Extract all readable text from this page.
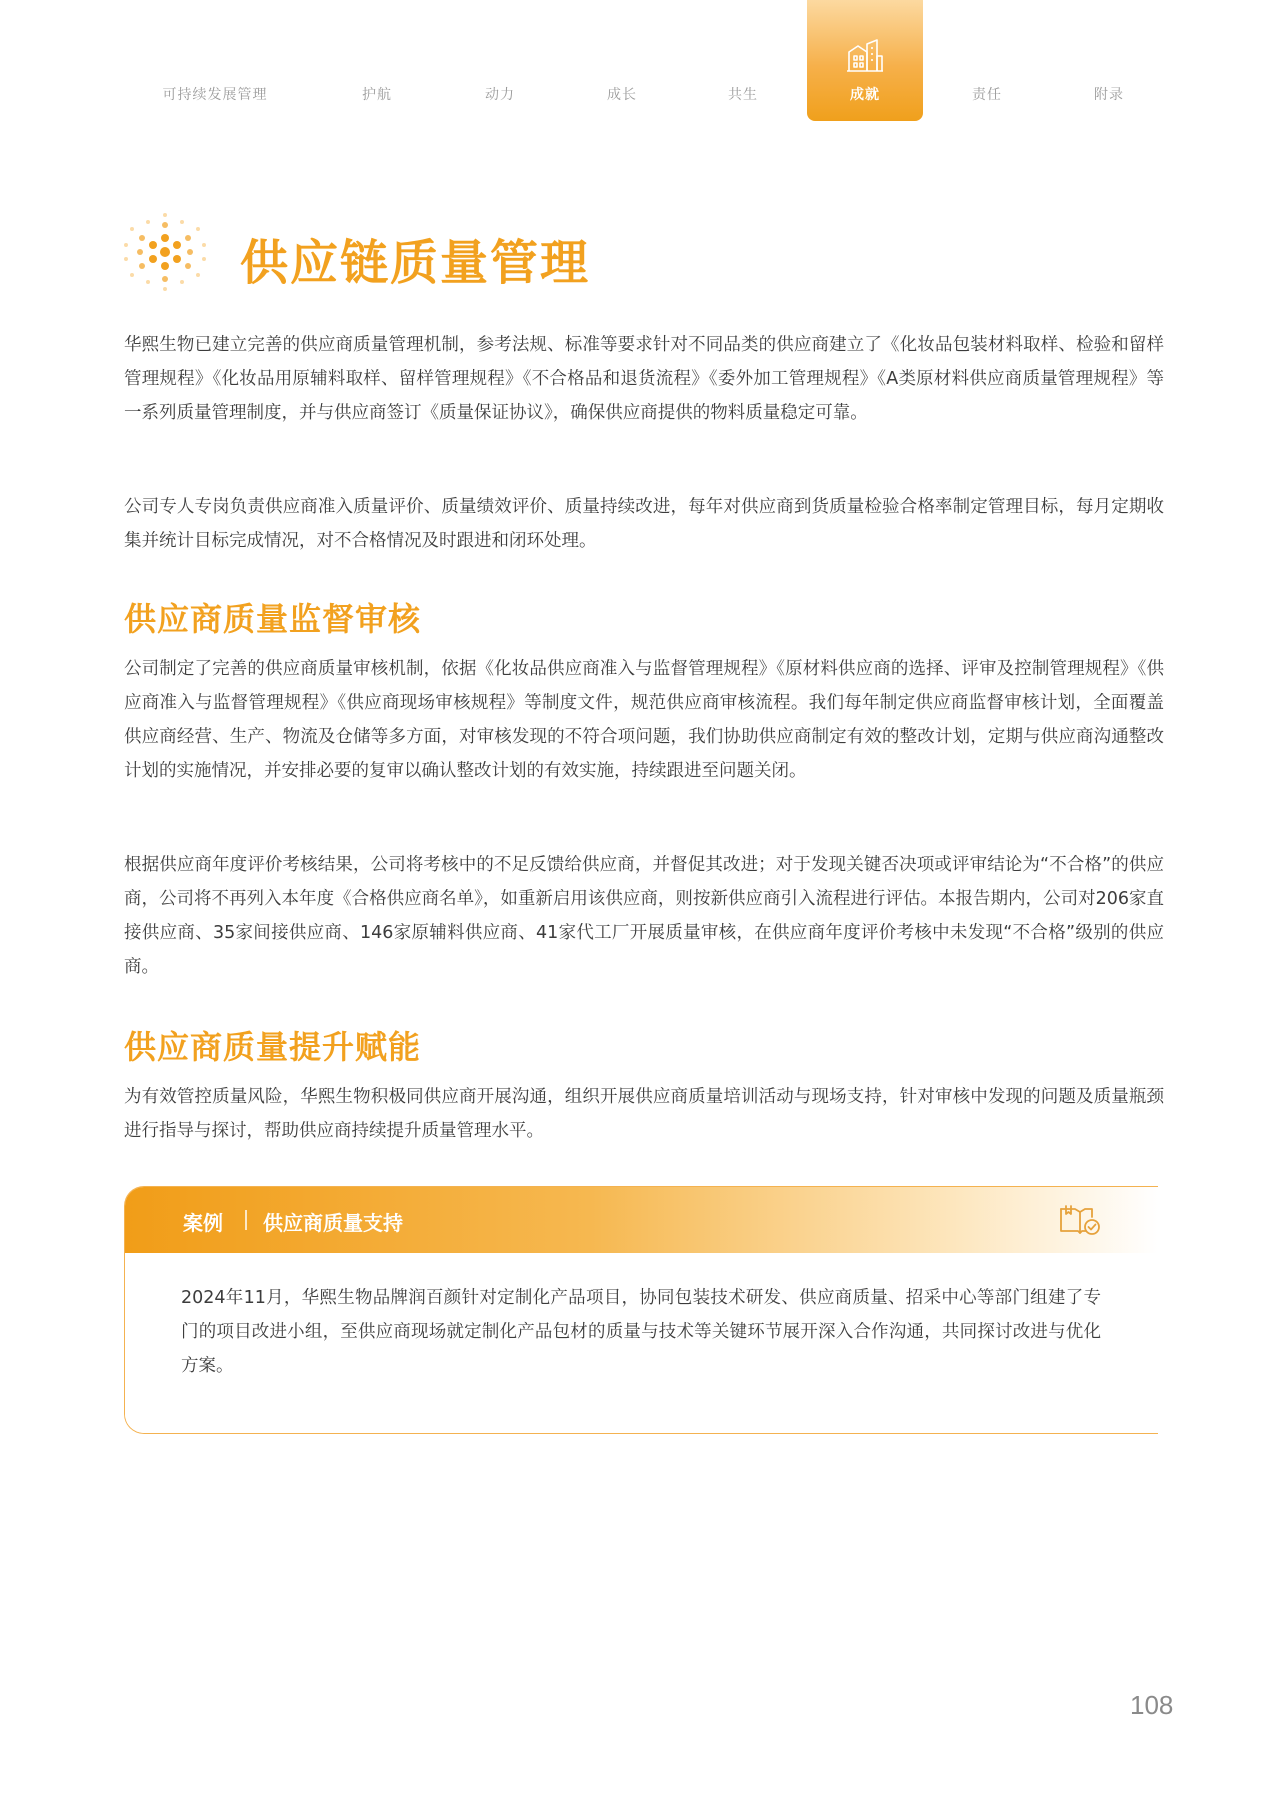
可持续发展管理	护航	动力	成长	共生	成就	责任	附录
供应链质量管理

华熙生物已建立完善的供应商质量管理机制，参考法规、标准等要求针对不同品类的供应商建立了《化妆品包装材料取样、检验和留样管理规程》《化妆品用原辅料取样、留样管理规程》《不合格品和退货流程》《委外加工管理规程》《A类原材料供应商质量管理规程》等一系列质量管理制度，并与供应商签订《质量保证协议》，确保供应商提供的物料质量稳定可靠。

公司专人专岗负责供应商准入质量评价、质量绩效评价、质量持续改进，每年对供应商到货质量检验合格率制定管理目标，每月定期收集并统计目标完成情况，对不合格情况及时跟进和闭环处理。

供应商质量监督审核

公司制定了完善的供应商质量审核机制，依据《化妆品供应商准入与监督管理规程》《原材料供应商的选择、评审及控制管理规程》《供应商准入与监督管理规程》《供应商现场审核规程》等制度文件，规范供应商审核流程。我们每年制定供应商监督审核计划，全面覆盖供应商经营、生产、物流及仓储等多方面，对审核发现的不符合项问题，我们协助供应商制定有效的整改计划，定期与供应商沟通整改计划的实施情况，并安排必要的复审以确认整改计划的有效实施，持续跟进至问题关闭。

根据供应商年度评价考核结果，公司将考核中的不足反馈给供应商，并督促其改进；对于发现关键否决项或评审结论为“不合格”的供应商，公司将不再列入本年度《合格供应商名单》，如重新启用该供应商，则按新供应商引入流程进行评估。本报告期内，公司对206家直接供应商、35家间接供应商、146家原辅料供应商、41家代工厂开展质量审核，在供应商年度评价考核中未发现“不合格”级别的供应商。

供应商质量提升赋能

为有效管控质量风险，华熙生物积极同供应商开展沟通，组织开展供应商质量培训活动与现场支持，针对审核中发现的问题及质量瓶颈进行指导与探讨，帮助供应商持续提升质量管理水平。

案例 供应商质量支持

2024年11月，华熙生物品牌润百颜针对定制化产品项目，协同包装技术研发、供应商质量、招采中心等部门组建了专门的项目改进小组，至供应商现场就定制化产品包材的质量与技术等关键环节展开深入合作沟通，共同探讨改进与优化方案。

108
